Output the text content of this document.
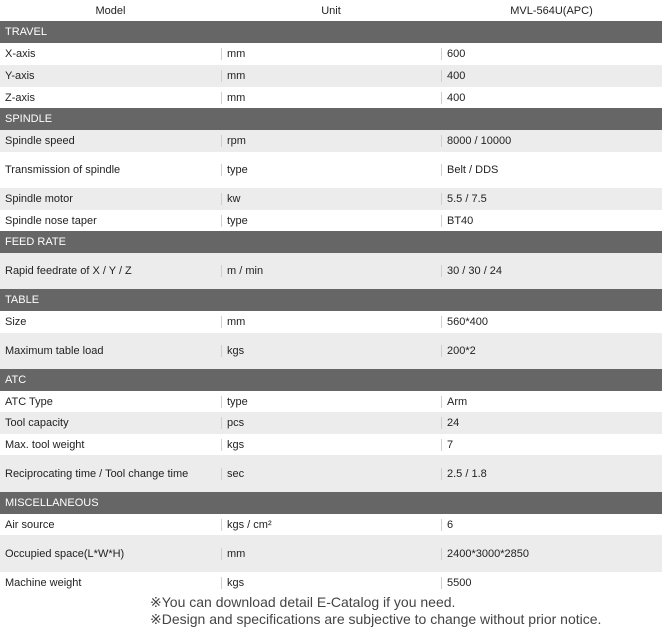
Model	Unit	MVL-564U(APC)
TRAVEL
X-axis	mm	600
Y-axis	mm	400
Z-axis	mm	400
SPINDLE
Spindle speed	rpm	8000 / 10000
Transmission of spindle	type	Belt / DDS
Spindle motor	kw	5.5 / 7.5
Spindle nose taper	type	BT40
FEED RATE
Rapid feedrate of X / Y / Z	m / min	30 / 30 / 24
TABLE
Size	mm	560*400
Maximum table load	kgs	200*2
ATC
ATC Type	type	Arm
Tool capacity	pcs	24
Max. tool weight	kgs	7
Reciprocating time / Tool change time	sec	2.5 / 1.8
MISCELLANEOUS
Air source	kgs / cm²	6
Occupied space(L*W*H)	mm	2400*3000*2850
Machine weight	kgs	5500
※You can download detail E-Catalog if you need.
※Design and specifications are subjective to change without prior notice.
